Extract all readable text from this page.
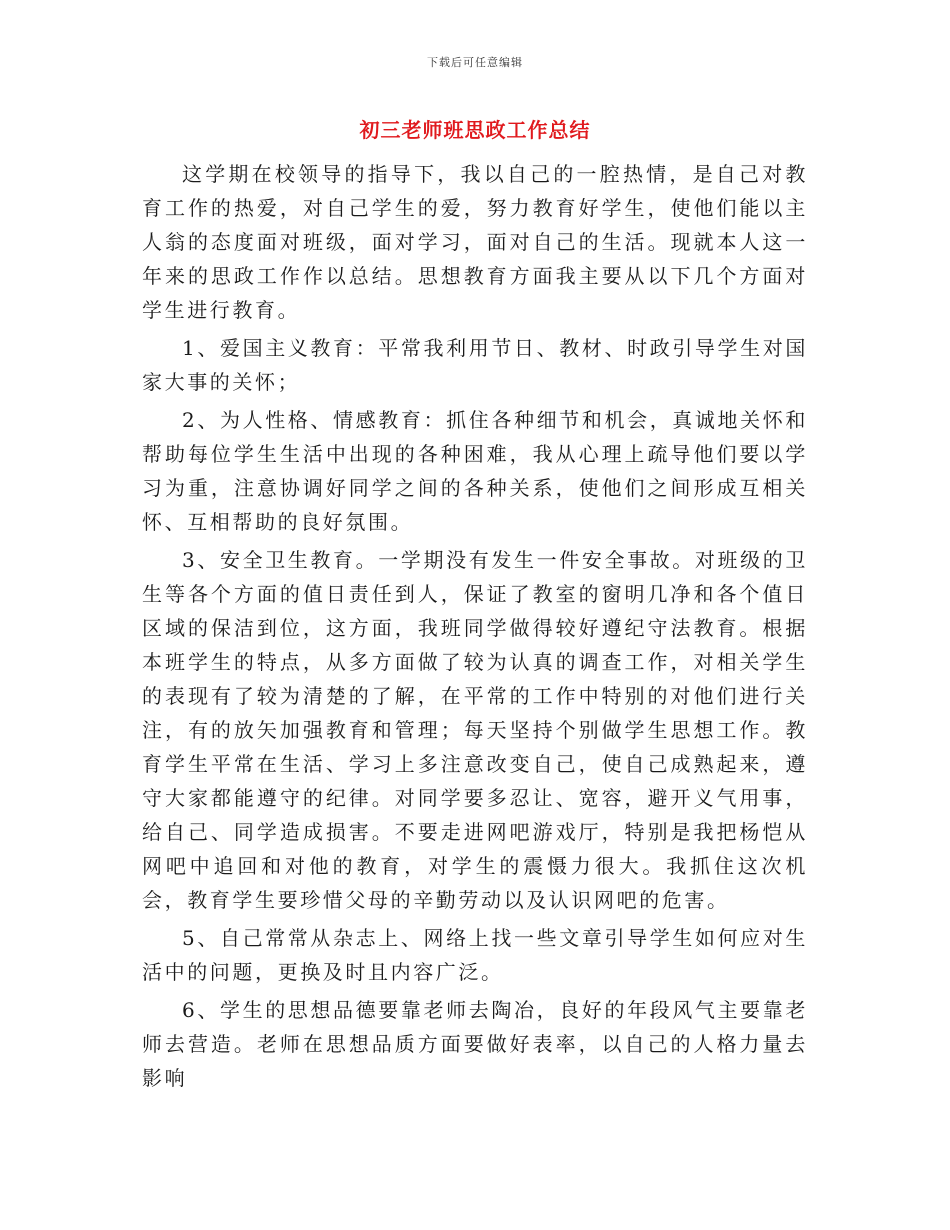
下载后可任意编辑
初三老师班思政工作总结

这学期在校领导的指导下，我以自己的一腔热情，是自己对教育工作的热爱，对自己学生的爱，努力教育好学生，使他们能以主人翁的态度面对班级，面对学习，面对自己的生活。现就本人这一年来的思政工作作以总结。思想教育方面我主要从以下几个方面对学生进行教育。

1、爱国主义教育：平常我利用节日、教材、时政引导学生对国家大事的关怀；

2、为人性格、情感教育：抓住各种细节和机会，真诚地关怀和帮助每位学生生活中出现的各种困难，我从心理上疏导他们要以学习为重，注意协调好同学之间的各种关系，使他们之间形成互相关怀、互相帮助的良好氛围。

3、安全卫生教育。一学期没有发生一件安全事故。对班级的卫生等各个方面的值日责任到人，保证了教室的窗明几净和各个值日区域的保洁到位，这方面，我班同学做得较好遵纪守法教育。根据本班学生的特点，从多方面做了较为认真的调查工作，对相关学生的表现有了较为清楚的了解，在平常的工作中特别的对他们进行关注，有的放矢加强教育和管理；每天坚持个别做学生思想工作。教育学生平常在生活、学习上多注意改变自己，使自己成熟起来，遵守大家都能遵守的纪律。对同学要多忍让、宽容，避开义气用事，给自己、同学造成损害。不要走进网吧游戏厅，特别是我把杨恺从网吧中追回和对他的教育，对学生的震慑力很大。我抓住这次机会，教育学生要珍惜父母的辛勤劳动以及认识网吧的危害。

5、自己常常从杂志上、网络上找一些文章引导学生如何应对生活中的问题，更换及时且内容广泛。

6、学生的思想品德要靠老师去陶冶，良好的年段风气主要靠老师去营造。老师在思想品质方面要做好表率，以自己的人格力量去影响
